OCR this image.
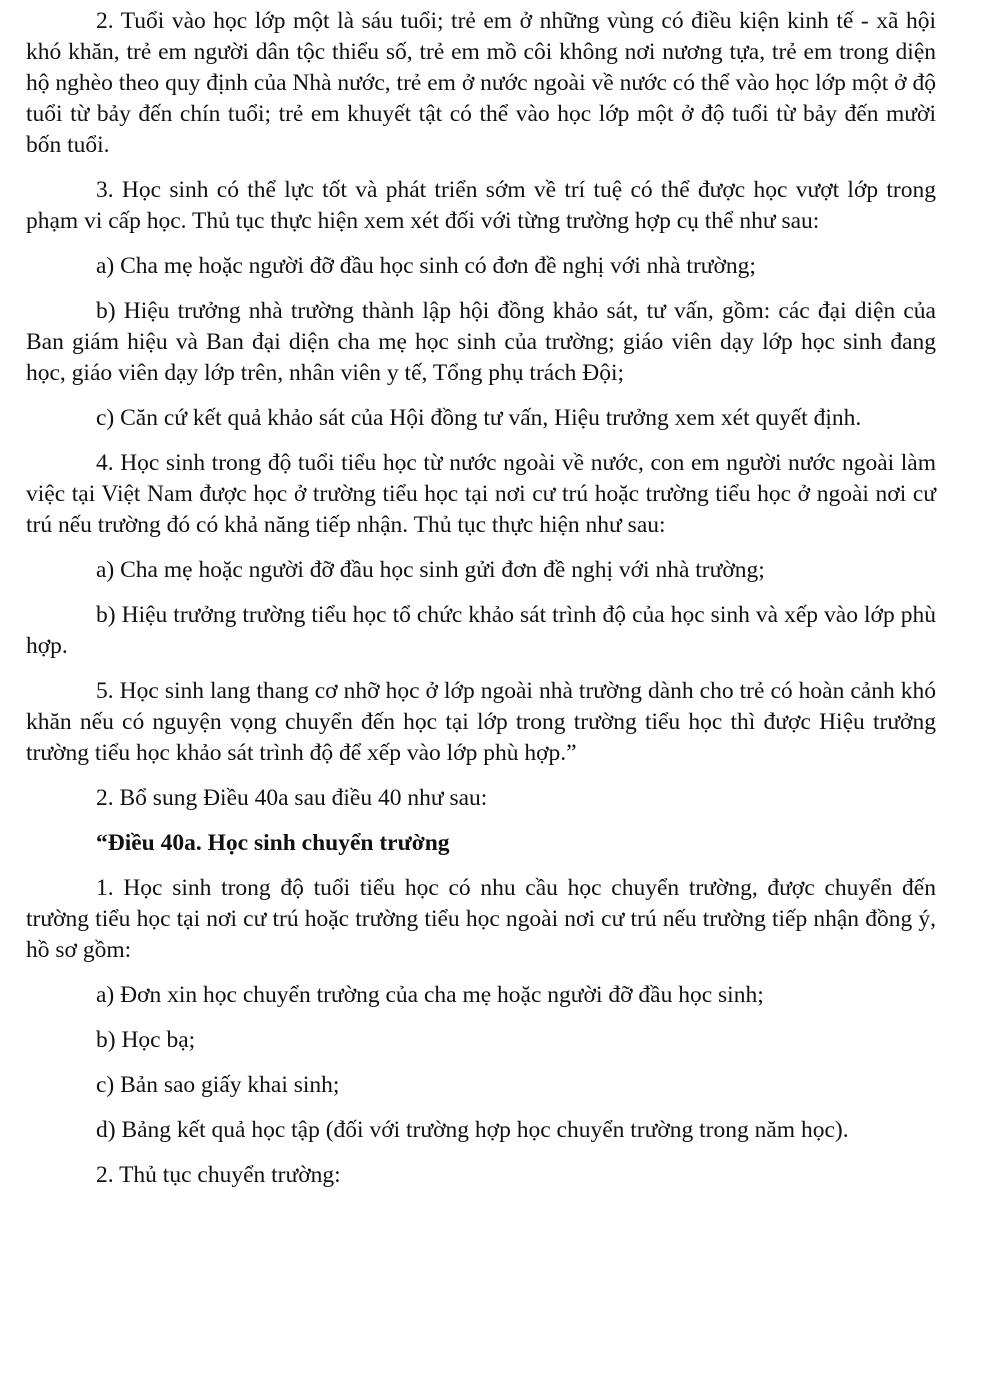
2. Tuổi vào học lớp một là sáu tuổi; trẻ em ở những vùng có điều kiện kinh tế - xã hội khó khăn, trẻ em người dân tộc thiểu số, trẻ em mồ côi không nơi nương tựa, trẻ em trong diện hộ nghèo theo quy định của Nhà nước, trẻ em ở nước ngoài về nước có thể vào học lớp một ở độ tuổi từ bảy đến chín tuổi; trẻ em khuyết tật có thể vào học lớp một ở độ tuổi từ bảy đến mười bốn tuổi.

3. Học sinh có thể lực tốt và phát triển sớm về trí tuệ có thể được học vượt lớp trong phạm vi cấp học. Thủ tục thực hiện xem xét đối với từng trường hợp cụ thể như sau:

a) Cha mẹ hoặc người đỡ đầu học sinh có đơn đề nghị với nhà trường;

b) Hiệu trưởng nhà trường thành lập hội đồng khảo sát, tư vấn, gồm: các đại diện của Ban giám hiệu và Ban đại diện cha mẹ học sinh của trường; giáo viên dạy lớp học sinh đang học, giáo viên dạy lớp trên, nhân viên y tế, Tổng phụ trách Đội;

c) Căn cứ kết quả khảo sát của Hội đồng tư vấn, Hiệu trưởng xem xét quyết định.

4. Học sinh trong độ tuổi tiểu học từ nước ngoài về nước, con em người nước ngoài làm việc tại Việt Nam được học ở trường tiểu học tại nơi cư trú hoặc trường tiểu học ở ngoài nơi cư trú nếu trường đó có khả năng tiếp nhận. Thủ tục thực hiện như sau:

a) Cha mẹ hoặc người đỡ đầu học sinh gửi đơn đề nghị với nhà trường;

b) Hiệu trưởng trường tiểu học tổ chức khảo sát trình độ của học sinh và xếp vào lớp phù hợp.

5. Học sinh lang thang cơ nhỡ học ở lớp ngoài nhà trường dành cho trẻ có hoàn cảnh khó khăn nếu có nguyện vọng chuyển đến học tại lớp trong trường tiểu học thì được Hiệu trưởng trường tiểu học khảo sát trình độ để xếp vào lớp phù hợp.”

2. Bổ sung Điều 40a sau điều 40 như sau:

“Điều 40a. Học sinh chuyển trường

1. Học sinh trong độ tuổi tiểu học có nhu cầu học chuyển trường, được chuyển đến trường tiểu học tại nơi cư trú hoặc trường tiểu học ngoài nơi cư trú nếu trường tiếp nhận đồng ý, hồ sơ gồm:

a) Đơn xin học chuyển trường của cha mẹ hoặc người đỡ đầu học sinh;

b) Học bạ;

c) Bản sao giấy khai sinh;

d) Bảng kết quả học tập (đối với trường hợp học chuyển trường trong năm học).

2. Thủ tục chuyển trường:
